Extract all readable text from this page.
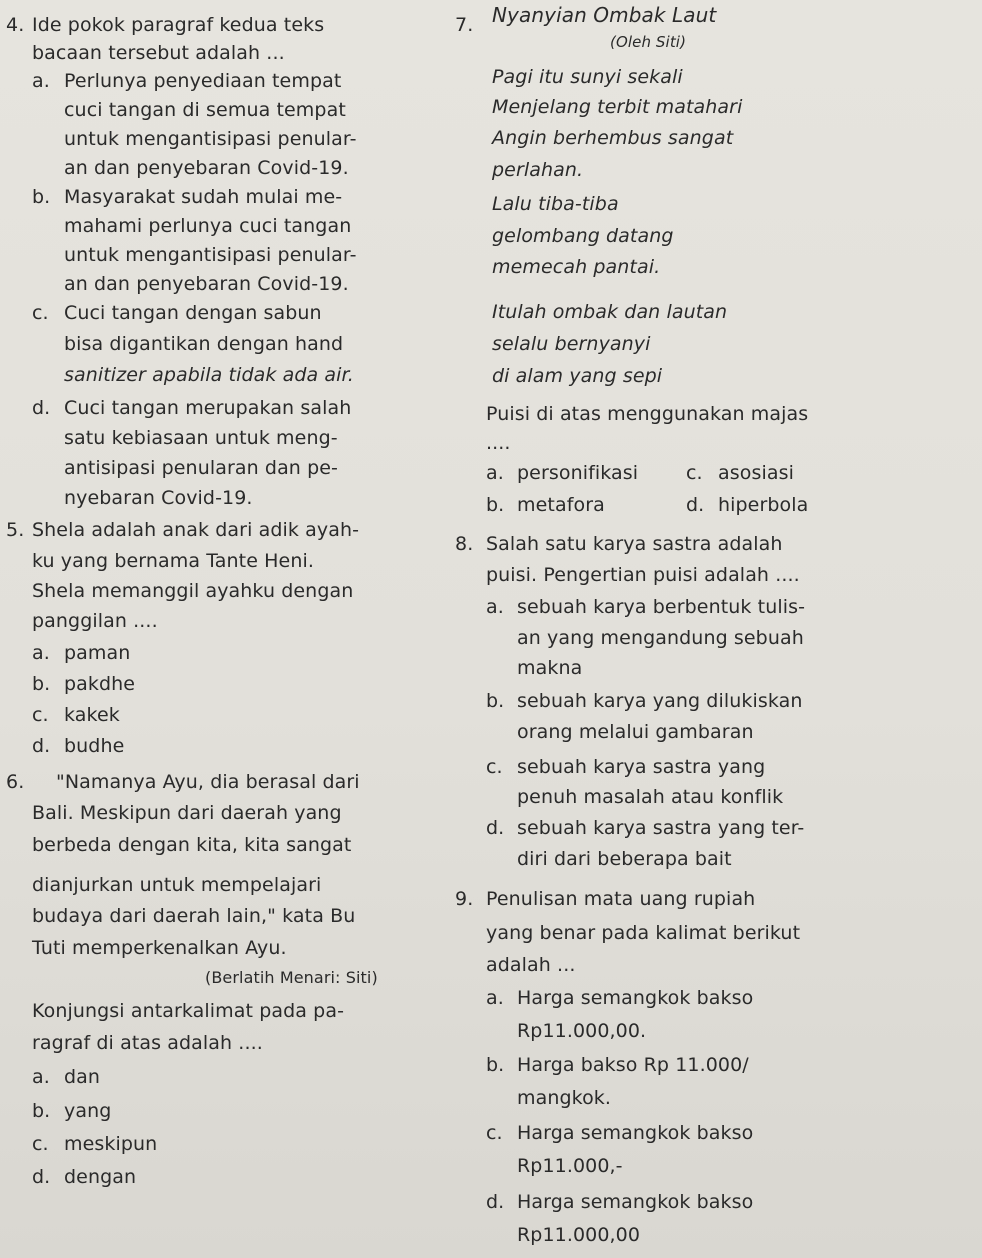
4. Ide pokok paragraf kedua teks
bacaan tersebut adalah ...
a. Perlunya penyediaan tempat
cuci tangan di semua tempat
untuk mengantisipasi penular-
an dan penyebaran Covid-19.
b. Masyarakat sudah mulai me-
mahami perlunya cuci tangan
untuk mengantisipasi penular-
an dan penyebaran Covid-19.
c. Cuci tangan dengan sabun
bisa digantikan dengan hand
sanitizer apabila tidak ada air.
d. Cuci tangan merupakan salah
satu kebiasaan untuk meng-
antisipasi penularan dan pe-
nyebaran Covid-19.
5. Shela adalah anak dari adik ayah-
ku yang bernama Tante Heni.
Shela memanggil ayahku dengan
panggilan ....
a. paman
b. pakdhe
c. kakek
d. budhe
6. "Namanya Ayu, dia berasal dari
Bali. Meskipun dari daerah yang
berbeda dengan kita, kita sangat
dianjurkan untuk mempelajari
budaya dari daerah lain," kata Bu
Tuti memperkenalkan Ayu.
(Berlatih Menari: Siti)
Konjungsi antarkalimat pada pa-
ragraf di atas adalah ....
a. dan
b. yang
c. meskipun
d. dengan
7. Nyanyian Ombak Laut
(Oleh Siti)
Pagi itu sunyi sekali
Menjelang terbit matahari
Angin berhembus sangat
perlahan.
Lalu tiba-tiba
gelombang datang
memecah pantai.
Itulah ombak dan lautan
selalu bernyanyi
di alam yang sepi
Puisi di atas menggunakan majas
....
a. personifikasi
b. metafora
c. asosiasi
d. hiperbola
8. Salah satu karya sastra adalah
puisi. Pengertian puisi adalah ....
a. sebuah karya berbentuk tulis-
an yang mengandung sebuah
makna
b. sebuah karya yang dilukiskan
orang melalui gambaran
c. sebuah karya sastra yang
penuh masalah atau konflik
d. sebuah karya sastra yang ter-
diri dari beberapa bait
9. Penulisan mata uang rupiah
yang benar pada kalimat berikut
adalah ...
a. Harga semangkok bakso
Rp11.000,00.
b. Harga bakso Rp 11.000/
mangkok.
c. Harga semangkok bakso
Rp11.000,-
d. Harga semangkok bakso
Rp11.000,00
